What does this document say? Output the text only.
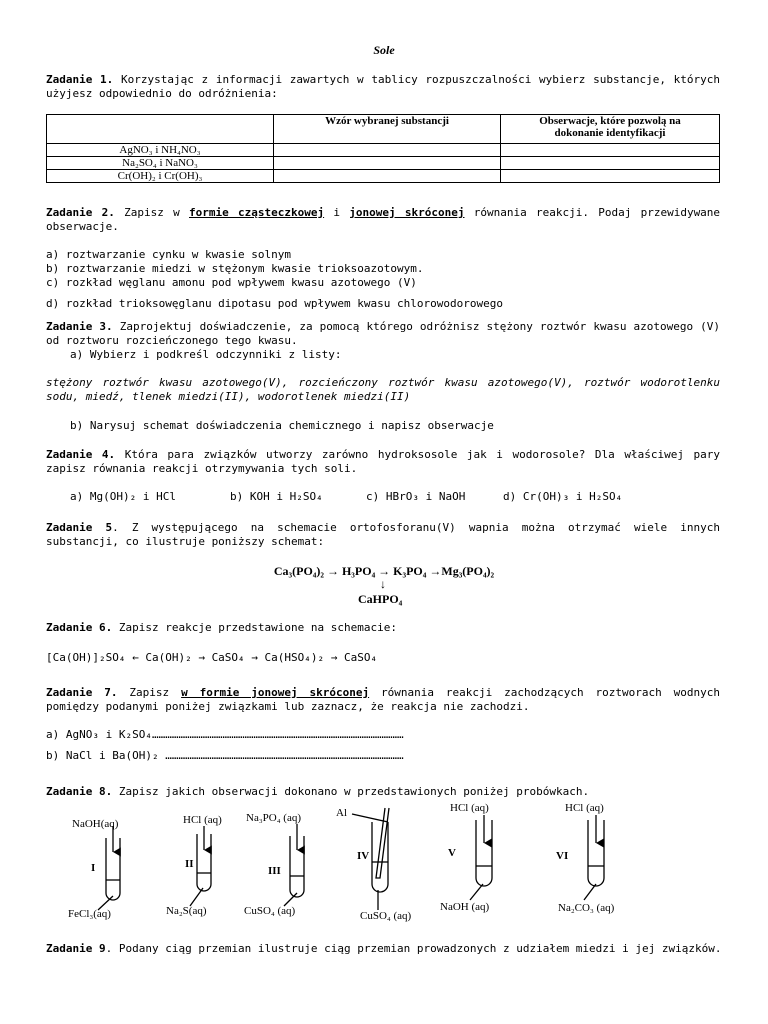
Sole
Zadanie 1. Korzystając z informacji zawartych w tablicy rozpuszczalności wybierz substancje, których
użyjesz odpowiednio do odróżnienia:
	Wzór wybranej substancji	Obserwacje, które pozwolą na
dokonanie identyfikacji
AgNO₃ i NH₄NO₃		
Na₂SO₄ i NaNO₃		
Cr(OH)₂ i Cr(OH)₃		
Zadanie 2. Zapisz w formie cząsteczkowej i jonowej skróconej równania reakcji. Podaj przewidywane
obserwacje.
a) roztwarzanie cynku w kwasie solnym
b) roztwarzanie miedzi w stężonym kwasie trioksoazotowym.
c) rozkład węglanu amonu pod wpływem kwasu azotowego (V)
d) rozkład trioksowęglanu dipotasu pod wpływem kwasu chlorowodorowego
Zadanie 3. Zaprojektuj doświadczenie, za pomocą którego odróżnisz stężony roztwór kwasu azotowego (V)
od roztworu rozcieńczonego tego kwasu.
a) Wybierz i podkreśl odczynniki z listy:
stężony roztwór kwasu azotowego(V), rozcieńczony roztwór kwasu azotowego(V), roztwór wodorotlenku
sodu, miedź, tlenek miedzi(II), wodorotlenek miedzi(II)
b) Narysuj schemat doświadczenia chemicznego i napisz obserwacje
Zadanie 4. Która para związków utworzy zarówno hydroksosole jak i wodorosole? Dla właściwej pary
zapisz równania reakcji otrzymywania tych soli.
a) Mg(OH)₂ i HCl	b) KOH i H₂SO₄	c) HBrO₃ i NaOH	d) Cr(OH)₃ i H₂SO₄
Zadanie 5. Z występującego na schemacie ortofosforanu(V) wapnia można otrzymać wiele innych
substancji, co ilustruje poniższy schemat:
Ca₃(PO₄)₂ → H₃PO₄ → K₃PO₄ →Mg₃(PO₄)₂
↓
CaHPO₄
Zadanie 6. Zapisz reakcje przedstawione na schemacie:
[Ca(OH)]₂SO₄ ← Ca(OH)₂ → CaSO₄ → Ca(HSO₄)₂ → CaSO₄
Zadanie 7. Zapisz w formie jonowej skróconej równania reakcji zachodzących roztworach wodnych
pomiędzy podanymi poniżej związkami lub zaznacz, że reakcja nie zachodzi.
a) AgNO₃ i K₂SO₄……………………………………………………………………………………………………
b) NaCl i Ba(OH)₂ ………………………………………………………………………………………………
Zadanie 8. Zapisz jakich obserwacji dokonano w przedstawionych poniżej probówkach.
NaOH(aq)
I
FeCl₃(aq)
HCl (aq)
II
Na₂S(aq)
Na₃PO₄ (aq)
III
CuSO₄ (aq)
Al
IV
CuSO₄ (aq)
HCl (aq)
V
NaOH (aq)
HCl (aq)
VI
Na₂CO₃ (aq)
Zadanie 9. Podany ciąg przemian ilustruje ciąg przemian prowadzonych z udziałem miedzi i jej związków.
